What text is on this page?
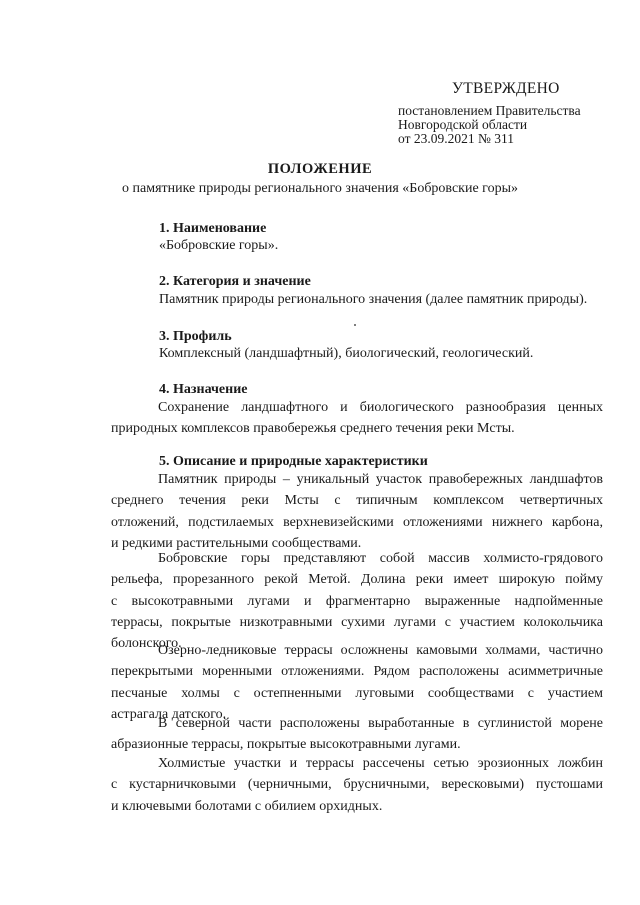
УТВЕРЖДЕНО
постановлением Правительства
Новгородской области
от 23.09.2021 № 311
ПОЛОЖЕНИЕ
о памятнике природы регионального значения «Бобровские горы»
1. Наименование
«Бобровские горы».
2. Категория и значение
Памятник природы регионального значения (далее памятник природы).
3. Профиль
Комплексный (ландшафтный), биологический, геологический.
4. Назначение
Сохранение ландшафтного и биологического разнообразия ценных
природных комплексов правобережья среднего течения реки Мсты.
5. Описание и природные характеристики
Памятник природы – уникальный участок правобережных ландшафтов
среднего течения реки Мсты с типичным комплексом четвертичных
отложений, подстилаемых верхневизейскими отложениями нижнего карбона,
и редкими растительными сообществами.
Бобровские горы представляют собой массив холмисто-грядового
рельефа, прорезанного рекой Метой. Долина реки имеет широкую пойму
с высокотравными лугами и фрагментарно выраженные надпойменные
террасы, покрытые низкотравными сухими лугами с участием колокольчика
болонского.
Озерно-ледниковые террасы осложнены камовыми холмами, частично
перекрытыми моренными отложениями. Рядом расположены асимметричные
песчаные холмы с остепненными луговыми сообществами с участием
астрагала датского.
В северной части расположены выработанные в суглинистой морене
абразионные террасы, покрытые высокотравными лугами.
Холмистые участки и террасы рассечены сетью эрозионных ложбин
с кустарничковыми (черничными, брусничными, вересковыми) пустошами
и ключевыми болотами с обилием орхидных.
